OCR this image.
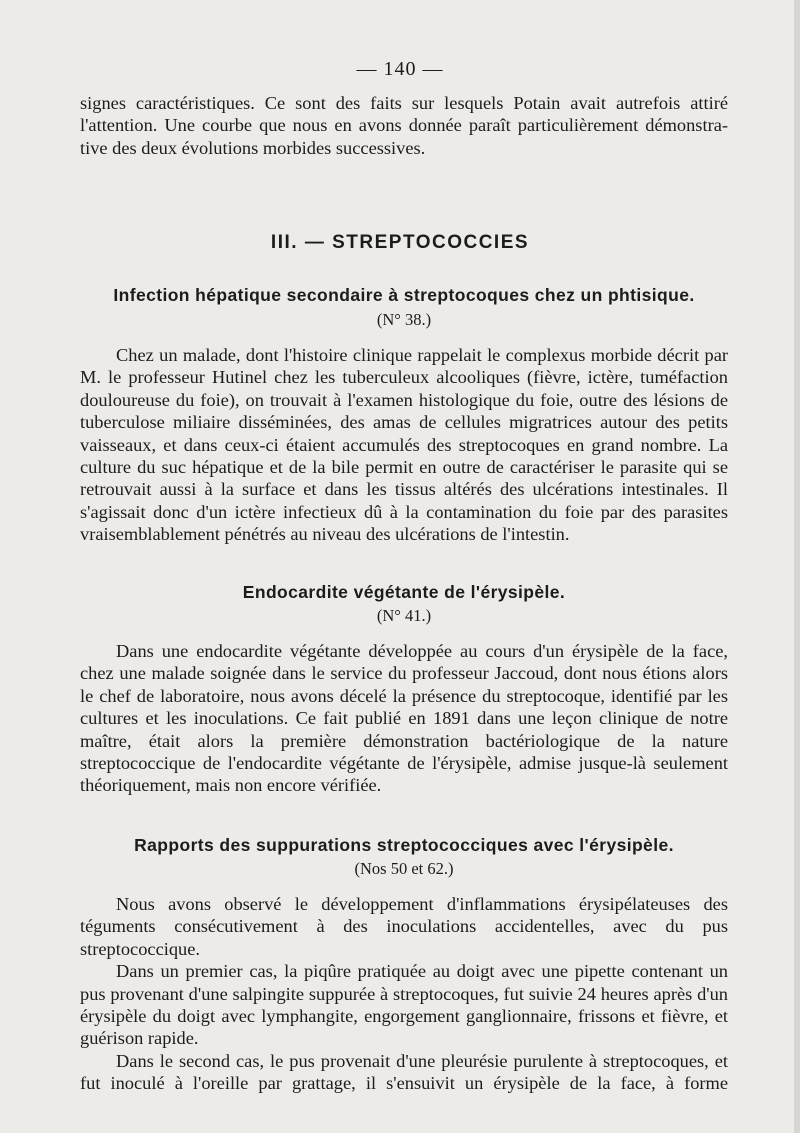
— 140 —

signes caractéristiques. Ce sont des faits sur lesquels Potain avait autrefois attiré

l'attention. Une courbe que nous en avons donnée paraît particulièrement démonstra-

tive des deux évolutions morbides successives.

III. — STREPTOCOCCIES
Infection hépatique secondaire à streptocoques chez un phtisique.
(N° 38.)

Chez un malade, dont l'histoire clinique rappelait le complexus morbide décrit par M. le professeur Hutinel chez les tuberculeux alcooliques (fièvre, ictère, tuméfaction douloureuse du foie), on trouvait à l'examen histologique du foie, outre des lésions de tuberculose miliaire disséminées, des amas de cellules migratrices autour des petits vaisseaux, et dans ceux-ci étaient accumulés des streptocoques en grand nombre. La culture du suc hépatique et de la bile permit en outre de caractériser le parasite qui se retrouvait aussi à la surface et dans les tissus altérés des ulcérations intestinales. Il s'agissait donc d'un ictère infectieux dû à la contamination du foie par des parasites vraisemblablement pénétrés au niveau des ulcérations de l'intestin.

Endocardite végétante de l'érysipèle.
(N° 41.)

Dans une endocardite végétante développée au cours d'un érysipèle de la face, chez une malade soignée dans le service du professeur Jaccoud, dont nous étions alors le chef de laboratoire, nous avons décelé la présence du streptocoque, identifié par les cultures et les inoculations. Ce fait publié en 1891 dans une leçon clinique de notre maître, était alors la première démonstration bactériologique de la nature streptococcique de l'endocardite végétante de l'érysipèle, admise jusque-là seulement théoriquement, mais non encore vérifiée.

Rapports des suppurations streptococciques avec l'érysipèle.
(Nos 50 et 62.)

Nous avons observé le développement d'inflammations érysipélateuses des téguments consécutivement à des inoculations accidentelles, avec du pus streptococcique.

Dans un premier cas, la piqûre pratiquée au doigt avec une pipette contenant un pus provenant d'une salpingite suppurée à streptocoques, fut suivie 24 heures après d'un érysipèle du doigt avec lymphangite, engorgement ganglionnaire, frissons et fièvre, et guérison rapide.

Dans le second cas, le pus provenait d'une pleurésie purulente à streptocoques, et fut inoculé à l'oreille par grattage, il s'ensuivit un érysipèle de la face, à forme
